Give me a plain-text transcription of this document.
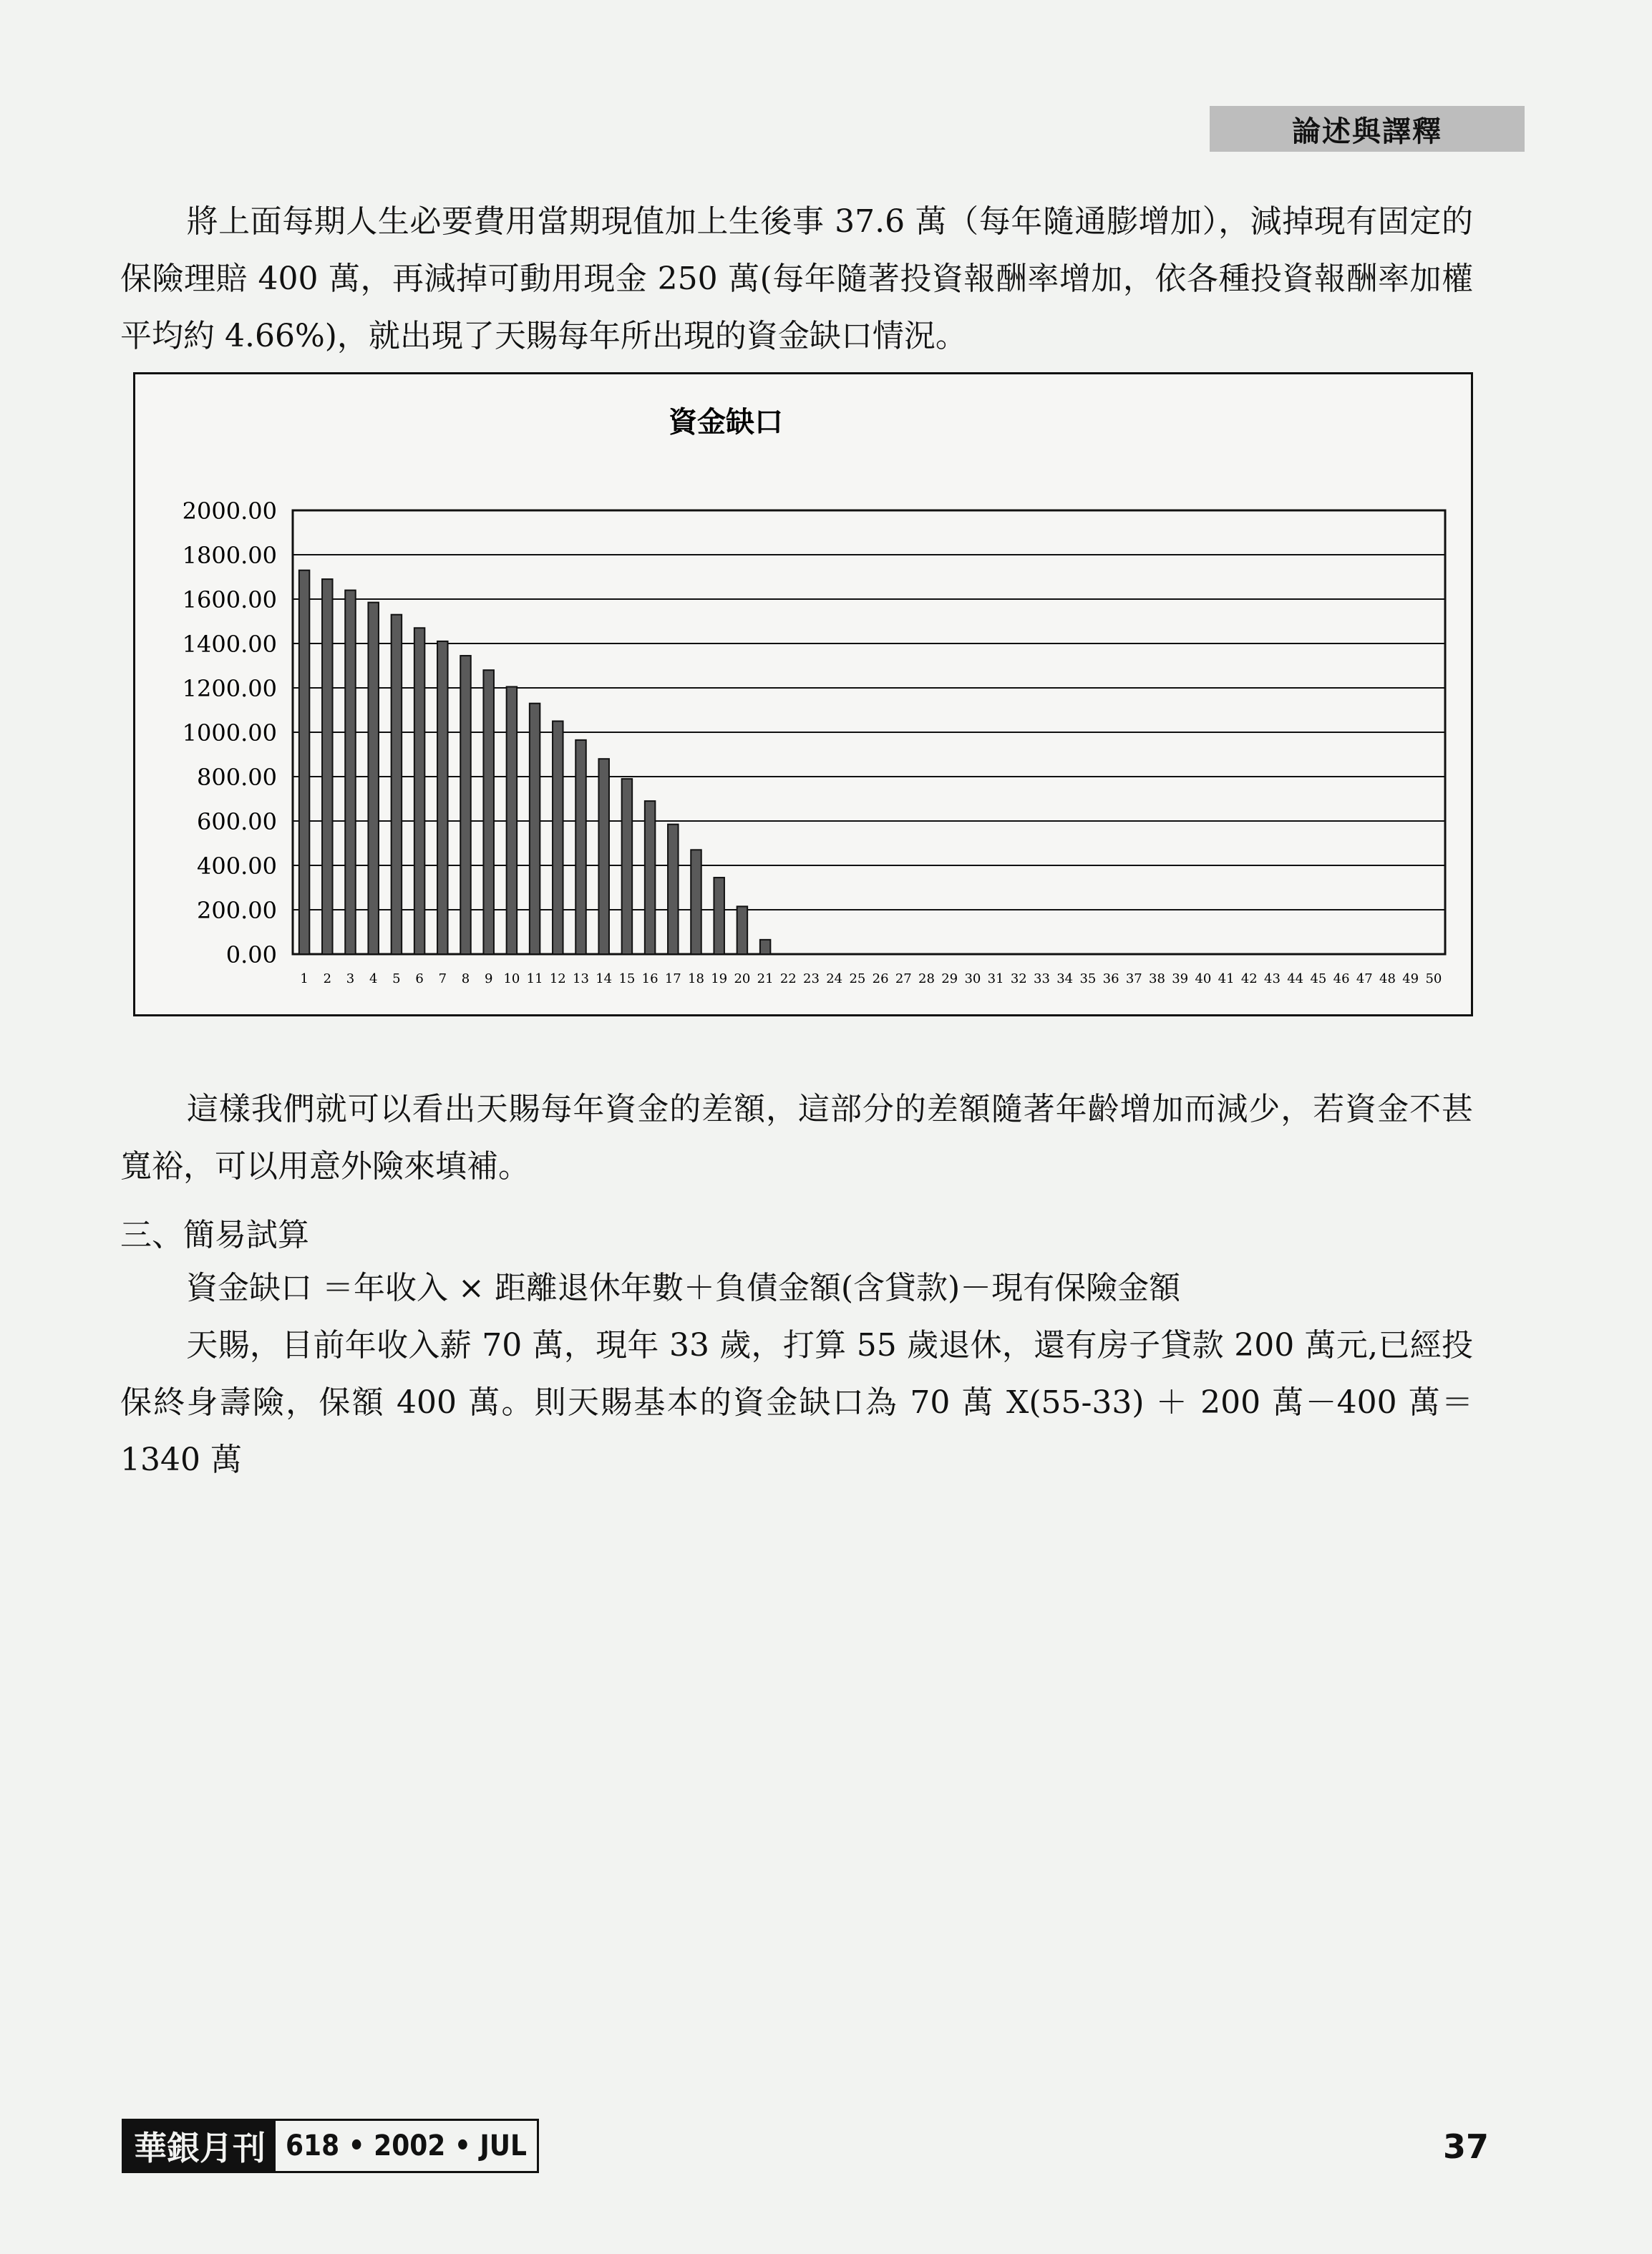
論述與譯釋

將上面每期人生必要費用當期現值加上生後事 37.6 萬（每年隨通膨增加），減掉現有固定的保險理賠 400 萬，再減掉可動用現金 250 萬(每年隨著投資報酬率增加，依各種投資報酬率加權平均約 4.66%)，就出現了天賜每年所出現的資金缺口情況。

資金缺口
0.00
200.00
400.00
600.00
800.00
1000.00
1200.00
1400.00
1600.00
1800.00
2000.00
1 2 3 4 5 6 7 8 9 10 11 12 13 14 15 16 17 18 19 20 21 22 23 24 25 26 27 28 29 30 31 32 33 34 35 36 37 38 39 40 41 42 43 44 45 46 47 48 49 50

這樣我們就可以看出天賜每年資金的差額，這部分的差額隨著年齡增加而減少，若資金不甚寬裕，可以用意外險來填補。

三、簡易試算

資金缺口 ＝年收入 × 距離退休年數＋負債金額(含貸款)－現有保險金額

天賜，目前年收入薪 70 萬，現年 33 歲，打算 55 歲退休，還有房子貸款 200 萬元,已經投保終身壽險，保額 400 萬。則天賜基本的資金缺口為 70 萬 X(55-33) ＋ 200 萬－400 萬＝1340 萬

華銀月刊 618 • 2002 • JUL	37
